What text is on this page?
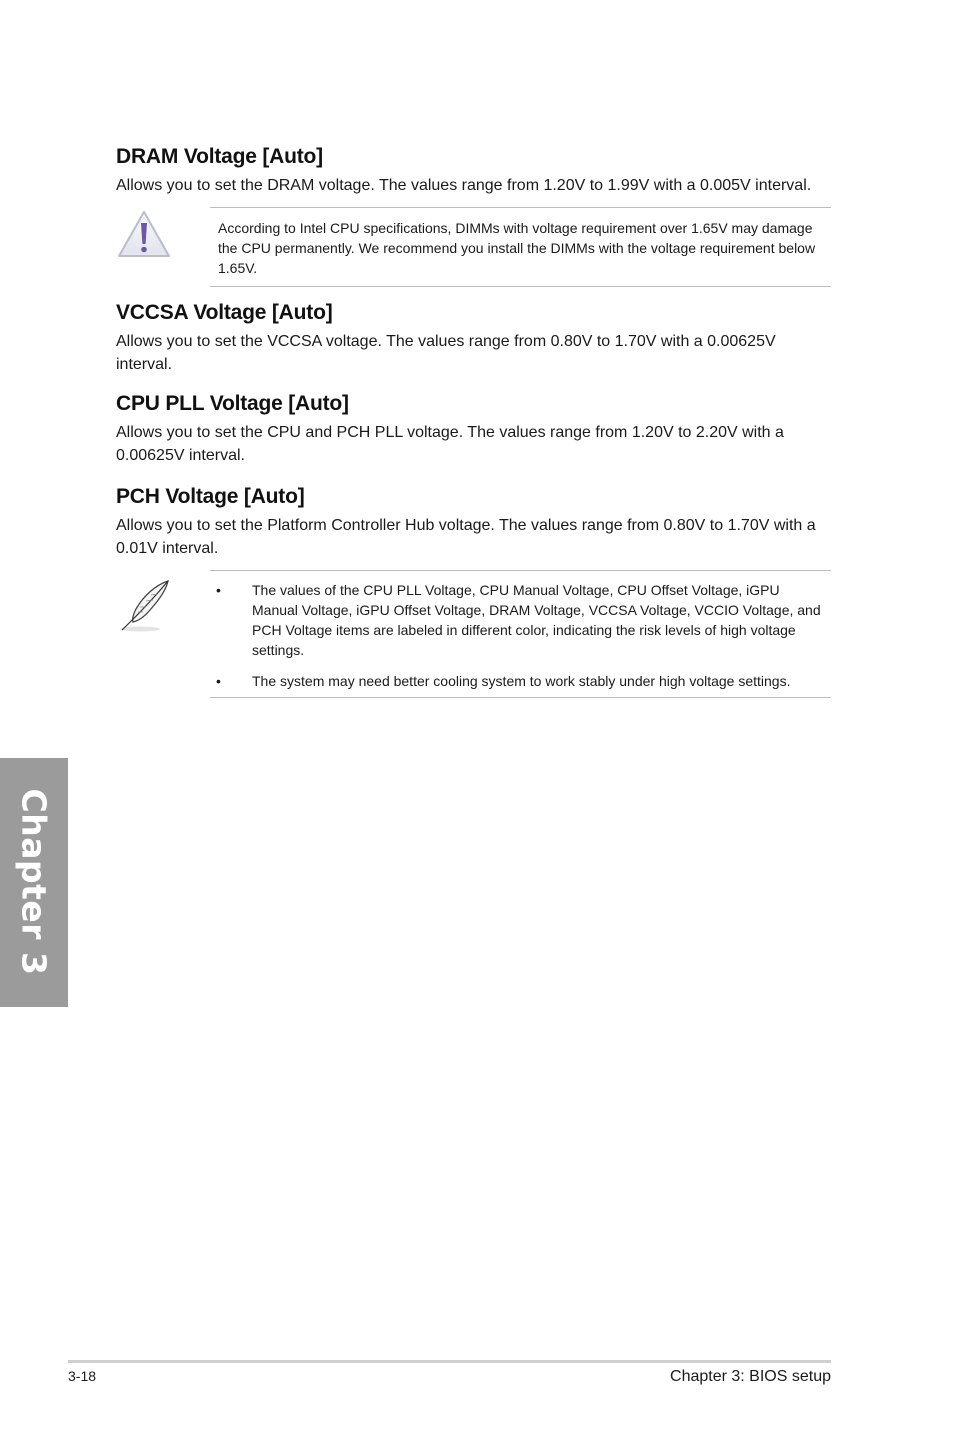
DRAM Voltage [Auto]

Allows you to set the DRAM voltage. The values range from 1.20V to 1.99V with a 0.005V interval.

According to Intel CPU specifications, DIMMs with voltage requirement over 1.65V may damage the CPU permanently. We recommend you install the DIMMs with the voltage requirement below 1.65V.
VCCSA Voltage [Auto]

Allows you to set the VCCSA voltage. The values range from 0.80V to 1.70V with a 0.00625V interval.

CPU PLL Voltage [Auto]

Allows you to set the CPU and PCH PLL voltage. The values range from 1.20V to 2.20V with a 0.00625V interval.

PCH Voltage [Auto]

Allows you to set the Platform Controller Hub voltage. The values range from 0.80V to 1.70V with a 0.01V interval.

• The values of the CPU PLL Voltage, CPU Manual Voltage, CPU Offset Voltage, iGPU Manual Voltage, iGPU Offset Voltage, DRAM Voltage, VCCSA Voltage, VCCIO Voltage, and PCH Voltage items are labeled in different color, indicating the risk levels of high voltage settings.
• The system may need better cooling system to work stably under high voltage settings.
Chapter 3
3-18	Chapter 3: BIOS setup
